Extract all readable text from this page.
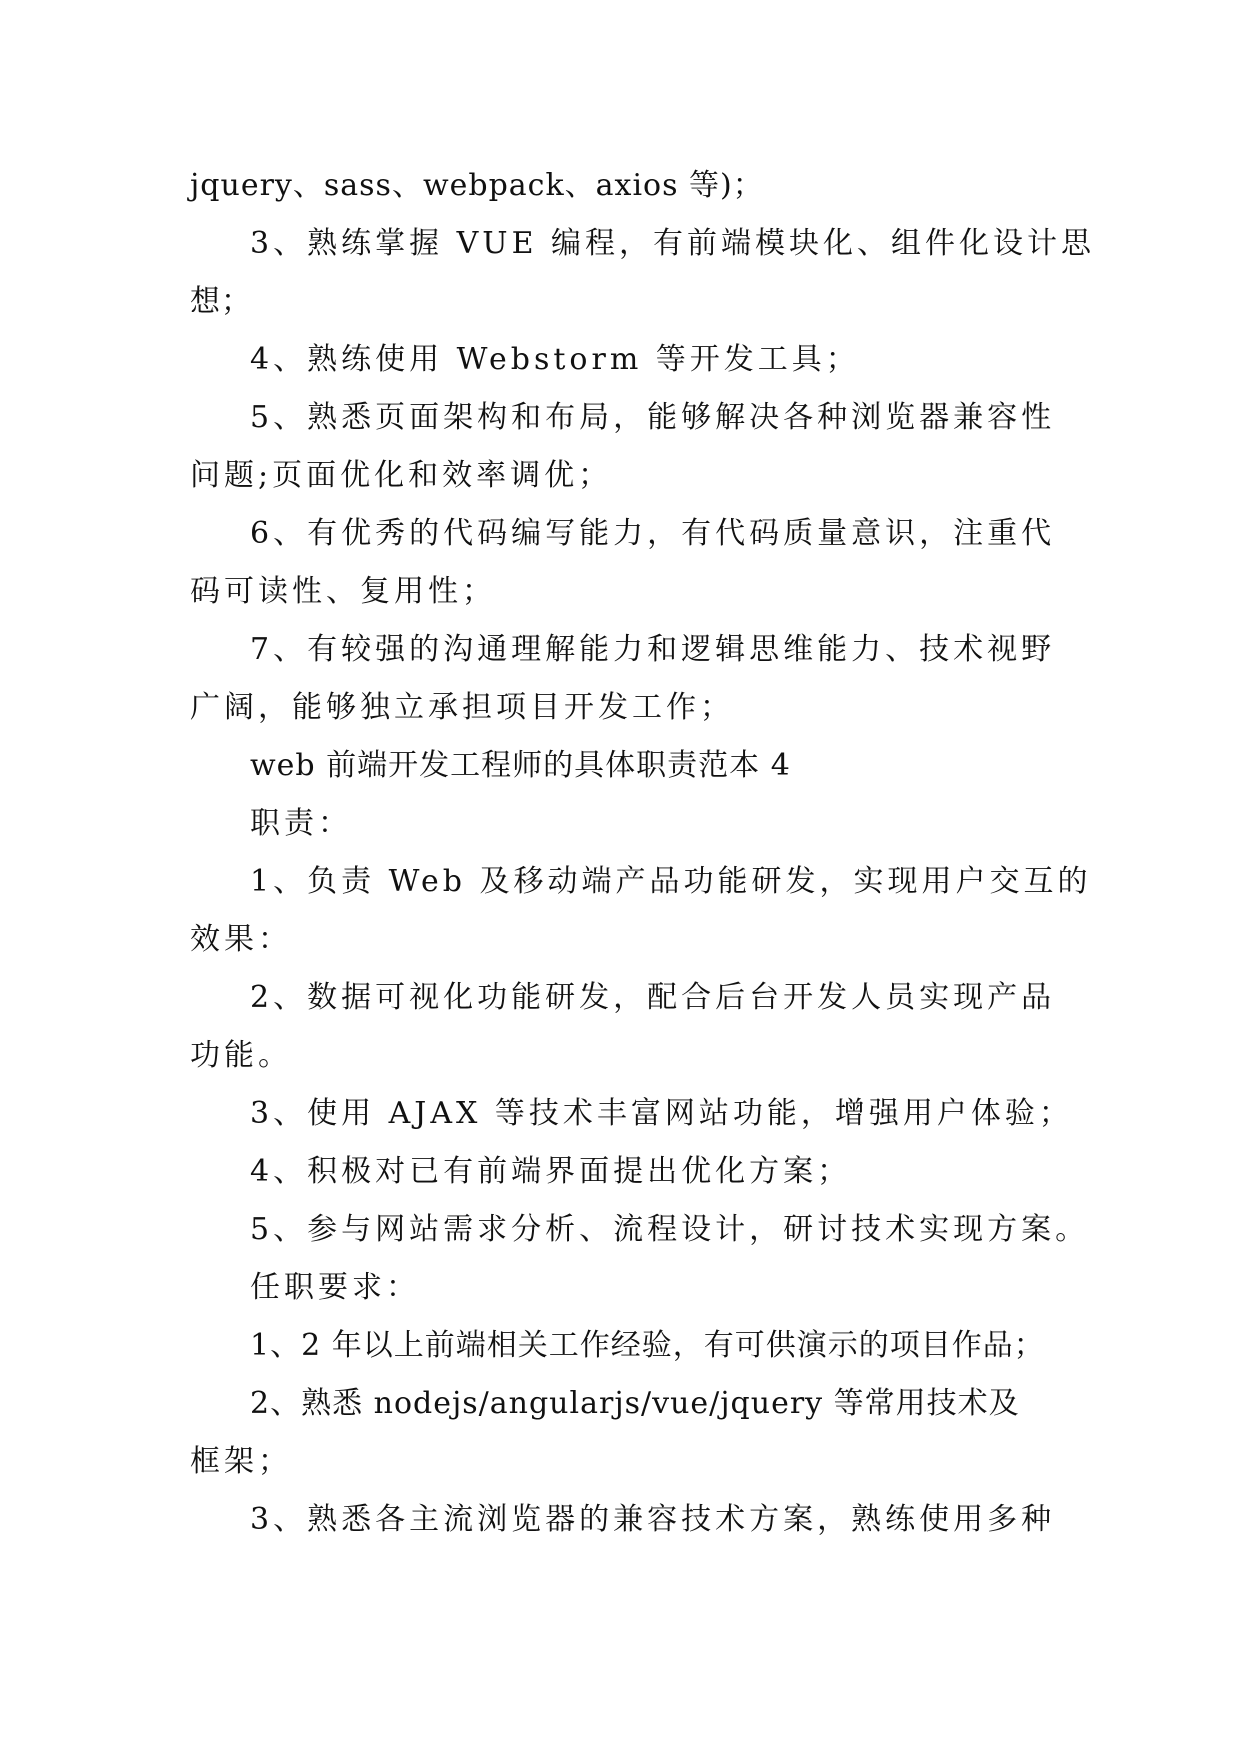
jquery、sass、webpack、axios 等)；
3、熟练掌握 VUE 编程，有前端模块化、组件化设计思
想；
4、熟练使用 Webstorm 等开发工具；
5、熟悉页面架构和布局，能够解决各种浏览器兼容性
问题;页面优化和效率调优；
6、有优秀的代码编写能力，有代码质量意识，注重代
码可读性、复用性；
7、有较强的沟通理解能力和逻辑思维能力、技术视野
广阔，能够独立承担项目开发工作；
web 前端开发工程师的具体职责范本 4
职责：
1、负责 Web 及移动端产品功能研发，实现用户交互的
效果：
2、数据可视化功能研发，配合后台开发人员实现产品
功能。
3、使用 AJAX 等技术丰富网站功能，增强用户体验；
4、积极对已有前端界面提出优化方案；
5、参与网站需求分析、流程设计，研讨技术实现方案。
任职要求：
1、2 年以上前端相关工作经验，有可供演示的项目作品；
2、熟悉 nodejs/angularjs/vue/jquery 等常用技术及
框架；
3、熟悉各主流浏览器的兼容技术方案，熟练使用多种
